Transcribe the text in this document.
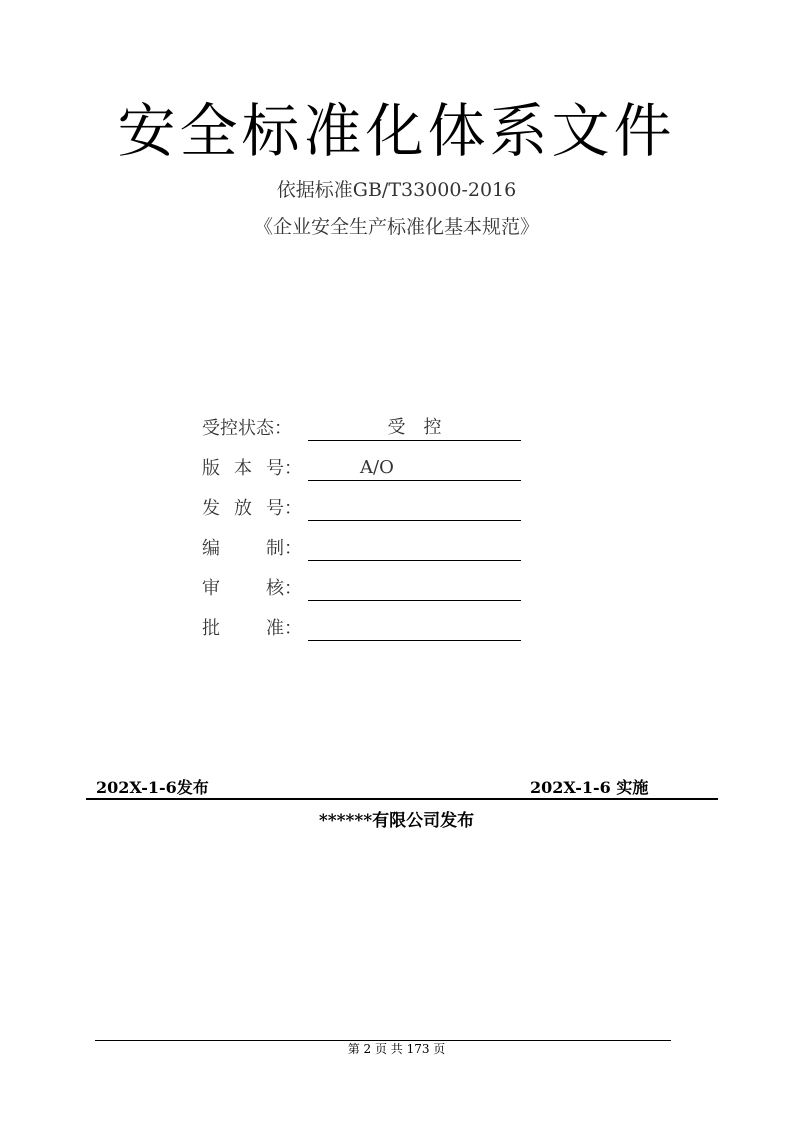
安全标准化体系文件
依据标准GB/T33000-2016
《企业安全生产标准化基本规范》
受 控 状 态 ：	受　控
版 本 号 ：	A/O
发 放 号 ：
编	制 ：
审	核 ：
批	准 ：
202X-1-6发布	202X-1-6 实施
******有限公司发布
第 2 页 共 173 页
